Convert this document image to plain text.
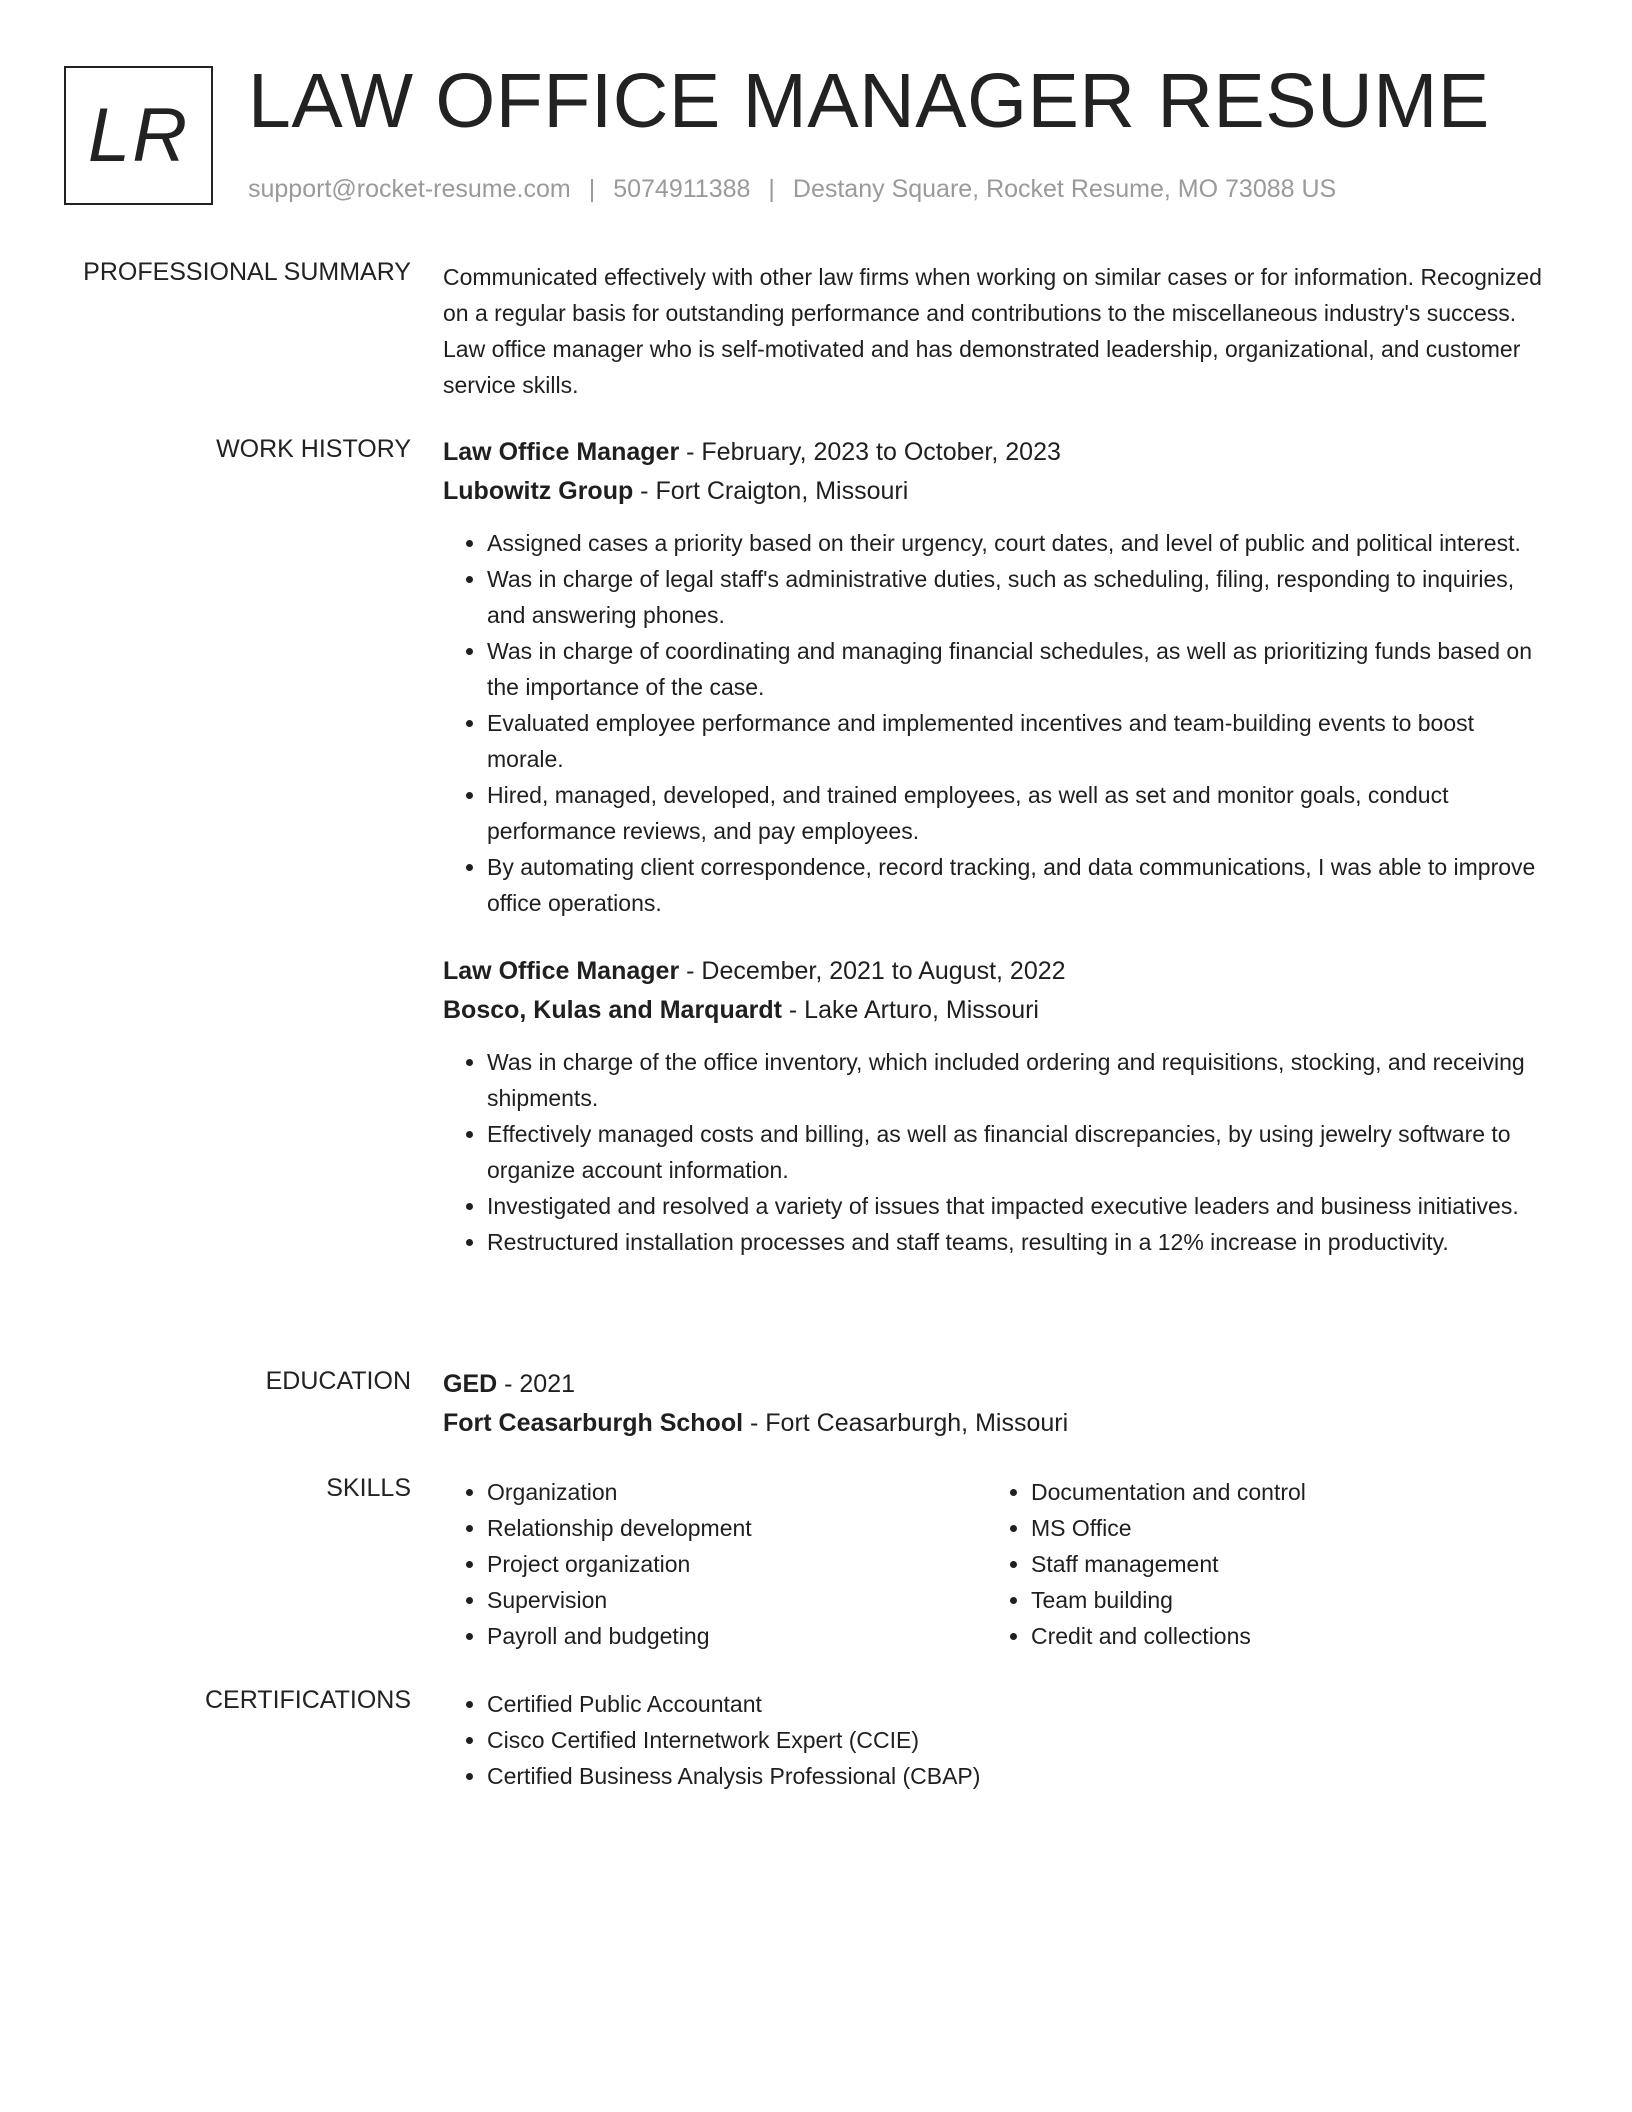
LR LAW OFFICE MANAGER RESUME
support@rocket-resume.com | 5074911388 | Destany Square, Rocket Resume, MO 73088 US
PROFESSIONAL SUMMARY Communicated effectively with other law firms when working on similar cases or for information. Recognized on a regular basis for outstanding performance and contributions to the miscellaneous industry's success. Law office manager who is self-motivated and has demonstrated leadership, organizational, and customer service skills.

WORK HISTORY Law Office Manager - February, 2023 to October, 2023
Lubowitz Group - Fort Craigton, Missouri
• Assigned cases a priority based on their urgency, court dates, and level of public and political interest.
• Was in charge of legal staff's administrative duties, such as scheduling, filing, responding to inquiries, and answering phones.
• Was in charge of coordinating and managing financial schedules, as well as prioritizing funds based on the importance of the case.
• Evaluated employee performance and implemented incentives and team-building events to boost morale.
• Hired, managed, developed, and trained employees, as well as set and monitor goals, conduct performance reviews, and pay employees.
• By automating client correspondence, record tracking, and data communications, I was able to improve office operations.
Law Office Manager - December, 2021 to August, 2022
Bosco, Kulas and Marquardt - Lake Arturo, Missouri
• Was in charge of the office inventory, which included ordering and requisitions, stocking, and receiving shipments.
• Effectively managed costs and billing, as well as financial discrepancies, by using jewelry software to organize account information.
• Investigated and resolved a variety of issues that impacted executive leaders and business initiatives.
• Restructured installation processes and staff teams, resulting in a 12% increase in productivity.
EDUCATION GED - 2021
Fort Ceasarburgh School - Fort Ceasarburgh, Missouri
SKILLS	• Organization
• Relationship development
• Project organization
• Supervision
• Payroll and budgeting
• Documentation and control
• MS Office
• Staff management
• Team building
• Credit and collections
CERTIFICATIONS	• Certified Public Accountant
• Cisco Certified Internetwork Expert (CCIE)
• Certified Business Analysis Professional (CBAP)
